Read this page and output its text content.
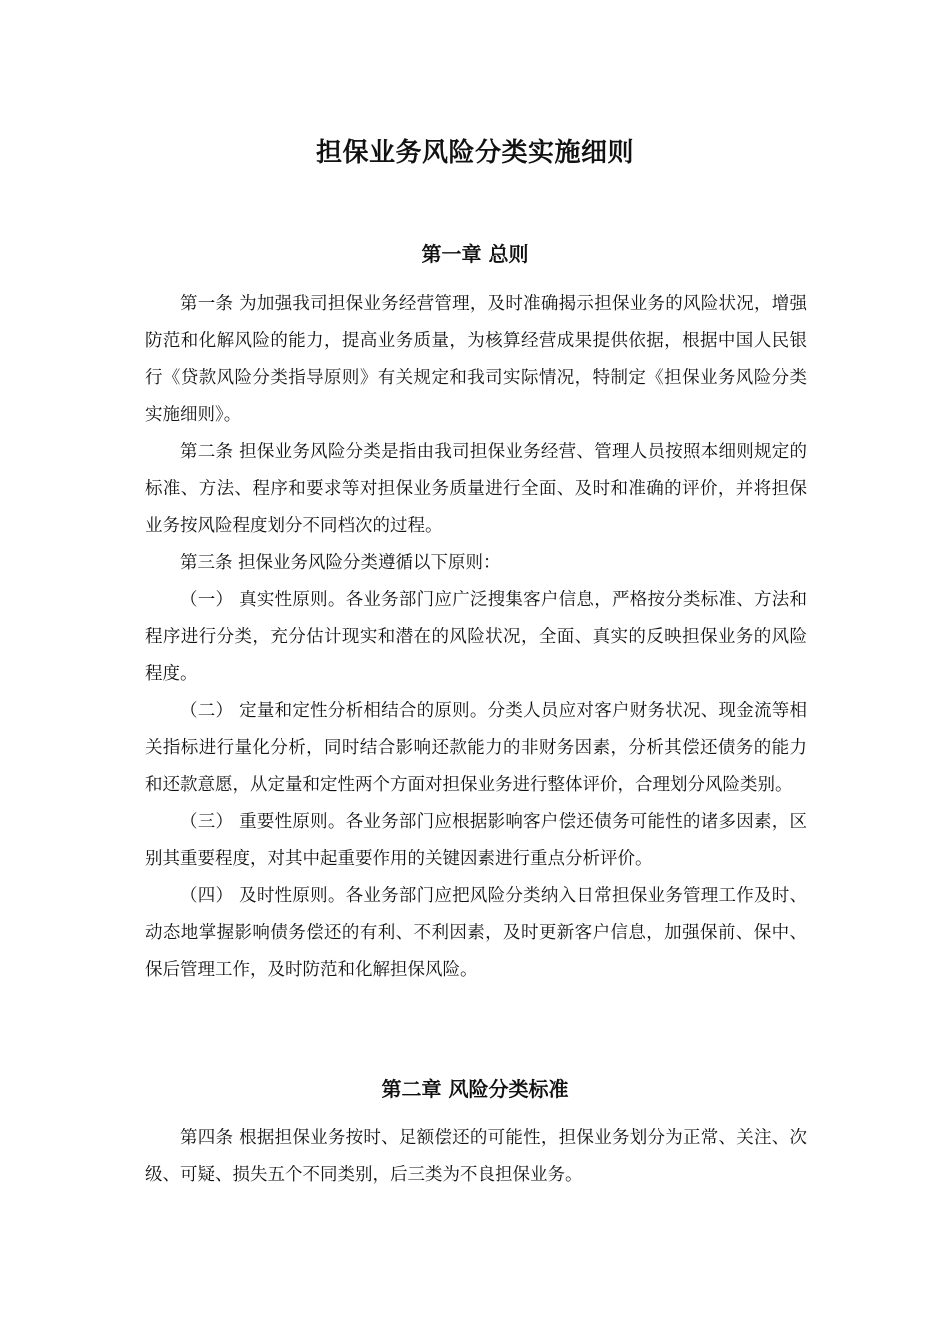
担保业务风险分类实施细则
第一章 总则

第一条 为加强我司担保业务经营管理，及时准确揭示担保业务的风险状况，增强防范和化解风险的能力，提高业务质量，为核算经营成果提供依据，根据中国人民银行《贷款风险分类指导原则》有关规定和我司实际情况，特制定《担保业务风险分类实施细则》。

第二条 担保业务风险分类是指由我司担保业务经营、管理人员按照本细则规定的标准、方法、程序和要求等对担保业务质量进行全面、及时和准确的评价，并将担保业务按风险程度划分不同档次的过程。

第三条 担保业务风险分类遵循以下原则：

（一） 真实性原则。各业务部门应广泛搜集客户信息，严格按分类标准、方法和程序进行分类，充分估计现实和潜在的风险状况，全面、真实的反映担保业务的风险程度。

（二） 定量和定性分析相结合的原则。分类人员应对客户财务状况、现金流等相关指标进行量化分析，同时结合影响还款能力的非财务因素，分析其偿还债务的能力和还款意愿，从定量和定性两个方面对担保业务进行整体评价，合理划分风险类别。

（三） 重要性原则。各业务部门应根据影响客户偿还债务可能性的诸多因素，区别其重要程度，对其中起重要作用的关键因素进行重点分析评价。

（四） 及时性原则。各业务部门应把风险分类纳入日常担保业务管理工作及时、动态地掌握影响债务偿还的有利、不利因素，及时更新客户信息，加强保前、保中、保后管理工作，及时防范和化解担保风险。

第二章 风险分类标准

第四条 根据担保业务按时、足额偿还的可能性，担保业务划分为正常、关注、次级、可疑、损失五个不同类别，后三类为不良担保业务。
